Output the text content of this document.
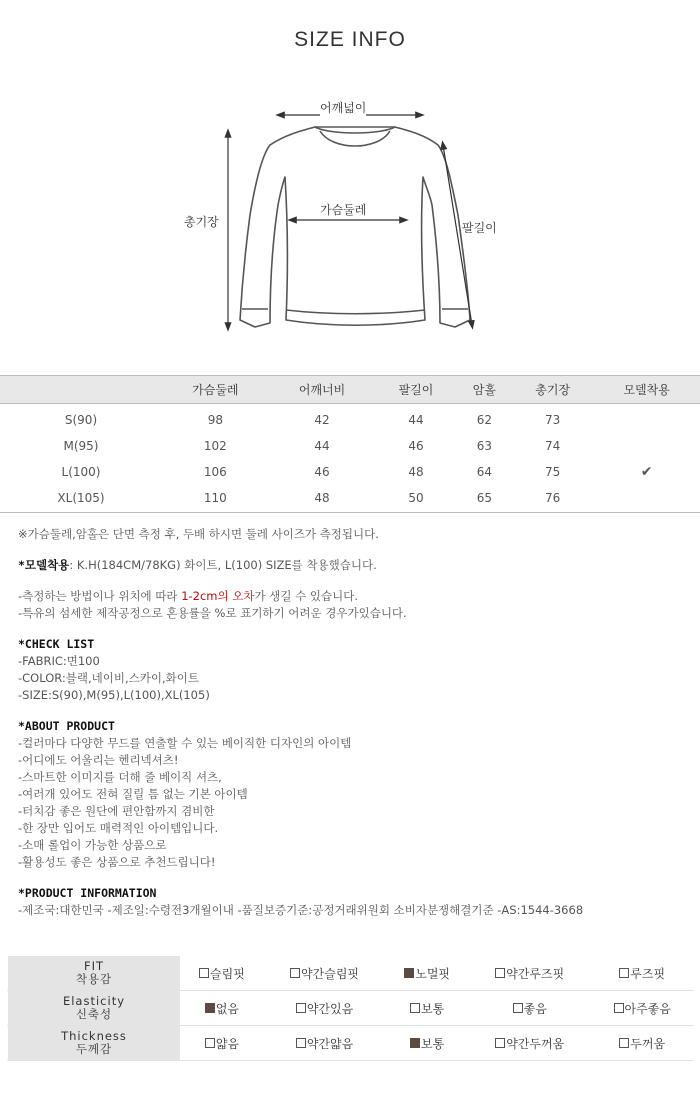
SIZE INFO
어깨넓이
총기장
가슴둘레
팔길이
	가슴둘레	어깨너비	팔길이	암홀	총기장	모델착용
S(90)	98	42	44	62	73	
M(95)	102	44	46	63	74	
L(100)	106	46	48	64	75	✔
XL(105)	110	48	50	65	76	

※가슴둘레,암홀은 단면 측정 후, 두배 하시면 둘레 사이즈가 측정됩니다.

*모델착용: K.H(184CM/78KG) 화이트, L(100) SIZE를 착용했습니다.

-측정하는 방법이나 위치에 따라 1-2cm의 오차가 생길 수 있습니다.

-특유의 섬세한 제작공정으로 혼용률을 %로 표기하기 어려운 경우가있습니다.

*CHECK LIST

-FABRIC:면100

-COLOR:블랙,네이비,스카이,화이트

-SIZE:S(90),M(95),L(100),XL(105)

*ABOUT PRODUCT

-컬러마다 다양한 무드를 연출할 수 있는 베이직한 디자인의 아이템

-어디에도 어울리는 헨리넥셔츠!

-스마트한 이미지를 더해 줄 베이직 셔츠,

-여러개 있어도 전혀 질릴 틈 없는 기본 아이템

-터치감 좋은 원단에 편안함까지 겸비한

-한 장만 입어도 매력적인 아이템입니다.

-소매 롤업이 가능한 상품으로

-활용성도 좋은 상품으로 추천드립니다!

*PRODUCT INFORMATION

-제조국:대한민국 -제조일:수령전3개월이내 -품질보증기준:공정거래위원회 소비자분쟁해결기준 -AS:1544-3668

FIT
착용감	슬림핏	약간슬림핏	노멀핏	약간루즈핏	루즈핏
Elasticity
신축성	없음	약간있음	보통	좋음	아주좋음
Thickness
두께감	얇음	약간얇음	보통	약간두꺼움	두꺼움
